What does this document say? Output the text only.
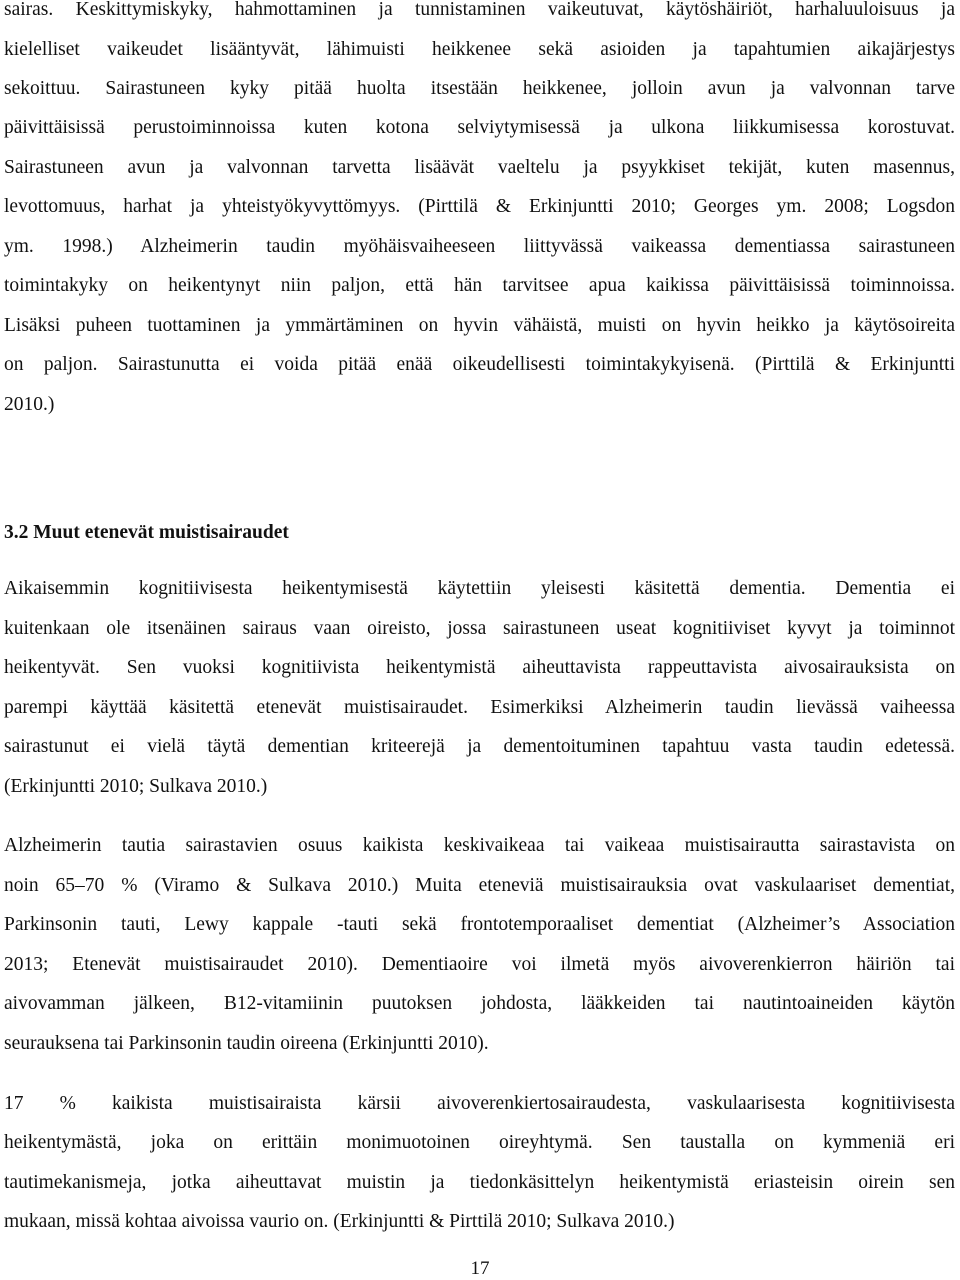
sairas. Keskittymiskyky, hahmottaminen ja tunnistaminen vaikeutuvat, käytöshäiriöt, harhaluuloisuus ja
kielelliset vaikeudet lisääntyvät, lähimuisti heikkenee sekä asioiden ja tapahtumien aikajärjestys
sekoittuu. Sairastuneen kyky pitää huolta itsestään heikkenee, jolloin avun ja valvonnan tarve
päivittäisissä perustoiminnoissa kuten kotona selviytymisessä ja ulkona liikkumisessa korostuvat.
Sairastuneen avun ja valvonnan tarvetta lisäävät vaeltelu ja psyykkiset tekijät, kuten masennus,
levottomuus, harhat ja yhteistyökyvyttömyys. (Pirttilä & Erkinjuntti 2010; Georges ym. 2008; Logsdon
ym. 1998.) Alzheimerin taudin myöhäisvaiheeseen liittyvässä vaikeassa dementiassa sairastuneen
toimintakyky on heikentynyt niin paljon, että hän tarvitsee apua kaikissa päivittäisissä toiminnoissa.
Lisäksi puheen tuottaminen ja ymmärtäminen on hyvin vähäistä, muisti on hyvin heikko ja käytösoireita
on paljon. Sairastunutta ei voida pitää enää oikeudellisesti toimintakykyisenä. (Pirttilä & Erkinjuntti
2010.)
3.2 Muut etenevät muistisairaudet
Aikaisemmin kognitiivisesta heikentymisestä käytettiin yleisesti käsitettä dementia. Dementia ei
kuitenkaan ole itsenäinen sairaus vaan oireisto, jossa sairastuneen useat kognitiiviset kyvyt ja toiminnot
heikentyvät. Sen vuoksi kognitiivista heikentymistä aiheuttavista rappeuttavista aivosairauksista on
parempi käyttää käsitettä etenevät muistisairaudet. Esimerkiksi Alzheimerin taudin lievässä vaiheessa
sairastunut ei vielä täytä dementian kriteerejä ja dementoituminen tapahtuu vasta taudin edetessä.
(Erkinjuntti 2010; Sulkava 2010.)
Alzheimerin tautia sairastavien osuus kaikista keskivaikeaa tai vaikeaa muistisairautta sairastavista on
noin 65–70 % (Viramo & Sulkava 2010.) Muita eteneviä muistisairauksia ovat vaskulaariset dementiat,
Parkinsonin tauti, Lewy kappale -tauti sekä frontotemporaaliset dementiat (Alzheimer’s Association
2013; Etenevät muistisairaudet 2010). Dementiaoire voi ilmetä myös aivoverenkierron häiriön tai
aivovamman jälkeen, B12-vitamiinin puutoksen johdosta, lääkkeiden tai nautintoaineiden käytön
seurauksena tai Parkinsonin taudin oireena (Erkinjuntti 2010).
17 % kaikista muistisairaista kärsii aivoverenkiertosairaudesta, vaskulaarisesta kognitiivisesta
heikentymästä, joka on erittäin monimuotoinen oireyhtymä. Sen taustalla on kymmeniä eri
tautimekanismeja, jotka aiheuttavat muistin ja tiedonkäsittelyn heikentymistä eriasteisin oirein sen
mukaan, missä kohtaa aivoissa vaurio on. (Erkinjuntti & Pirttilä 2010; Sulkava 2010.)
17
